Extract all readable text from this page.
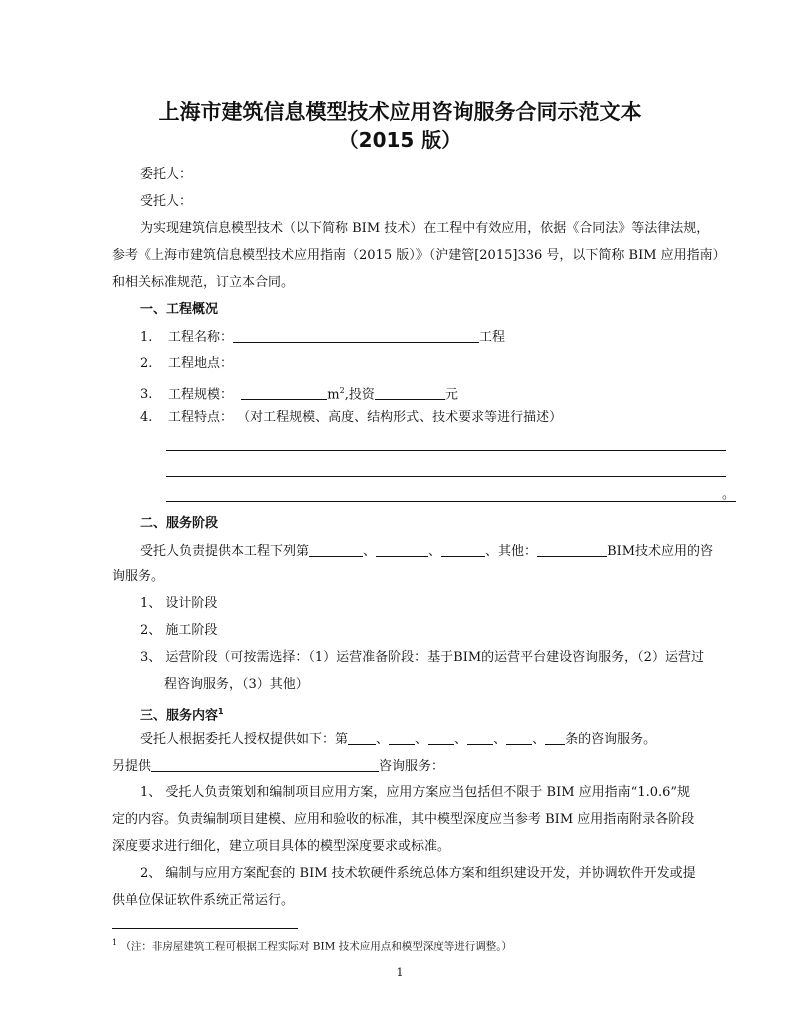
上海市建筑信息模型技术应用咨询服务合同示范文本
（2015 版）
委托人：
受托人：
为实现建筑信息模型技术（以下简称 BIM 技术）在工程中有效应用，依据《合同法》等法律法规，
参考《上海市建筑信息模型技术应用指南（2015 版）》（沪建管[2015]336 号，以下简称 BIM 应用指南）
和相关标准规范，订立本合同。
一、工程概况
1. 工程名称：	工程
2. 工程地点：
3. 工程规模：	$m^2$,投资	元
4. 工程特点： （对工程规模、高度、结构形式、技术要求等进行描述）
。
二、服务阶段
受托人负责提供本工程下列第	、	、	、其他：	BIM技术应用的咨
询服务。
1、 设计阶段
2、 施工阶段
3、 运营阶段（可按需选择：（1）运营准备阶段：基于BIM的运营平台建设咨询服务，（2）运营过
程咨询服务，（3）其他）
三、服务内容$^1$
受托人根据委托人授权提供如下：第 、 、 、 、 、 条的咨询服务。
另提供	咨询服务：
1、 受托人负责策划和编制项目应用方案，应用方案应当包括但不限于 BIM 应用指南“1.0.6”规
定的内容。负责编制项目建模、应用和验收的标准，其中模型深度应当参考 BIM 应用指南附录各阶段
深度要求进行细化，建立项目具体的模型深度要求或标准。
2、 编制与应用方案配套的 BIM 技术软硬件系统总体方案和组织建设开发，并协调软件开发或提
供单位保证软件系统正常运行。
$^1$ （注：非房屋建筑工程可根据工程实际对 BIM 技术应用点和模型深度等进行调整。）
1
